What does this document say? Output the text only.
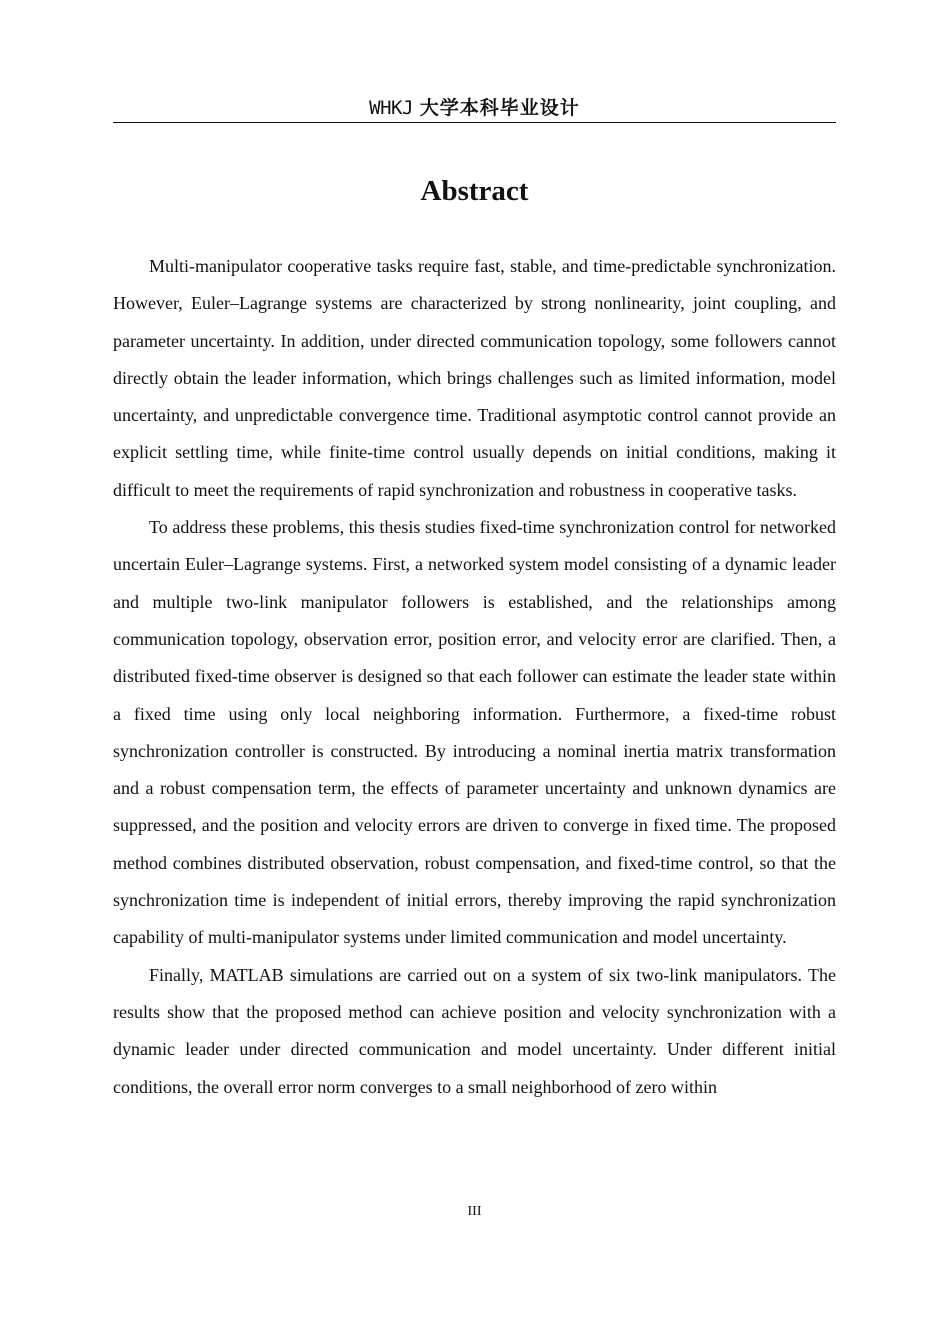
WHKJ 大学本科毕业设计
Abstract

Multi-manipulator cooperative tasks require fast, stable, and time-predictable synchronization. However, Euler–Lagrange systems are characterized by strong nonlinearity, joint coupling, and parameter uncertainty. In addition, under directed communication topology, some followers cannot directly obtain the leader information, which brings challenges such as limited information, model uncertainty, and unpredictable convergence time. Traditional asymptotic control cannot provide an explicit settling time, while finite-time control usually depends on initial conditions, making it difficult to meet the requirements of rapid synchronization and robustness in cooperative tasks.

To address these problems, this thesis studies fixed-time synchronization control for networked uncertain Euler–Lagrange systems. First, a networked system model consisting of a dynamic leader and multiple two-link manipulator followers is established, and the relationships among communication topology, observation error, position error, and velocity error are clarified. Then, a distributed fixed-time observer is designed so that each follower can estimate the leader state within a fixed time using only local neighboring information. Furthermore, a fixed-time robust synchronization controller is constructed. By introducing a nominal inertia matrix transformation and a robust compensation term, the effects of parameter uncertainty and unknown dynamics are suppressed, and the position and velocity errors are driven to converge in fixed time. The proposed method combines distributed observation, robust compensation, and fixed-time control, so that the synchronization time is independent of initial errors, thereby improving the rapid synchronization capability of multi-manipulator systems under limited communication and model uncertainty.

Finally, MATLAB simulations are carried out on a system of six two-link manipulators. The results show that the proposed method can achieve position and velocity synchronization with a dynamic leader under directed communication and model uncertainty. Under different initial conditions, the overall error norm converges to a small neighborhood of zero within

III
